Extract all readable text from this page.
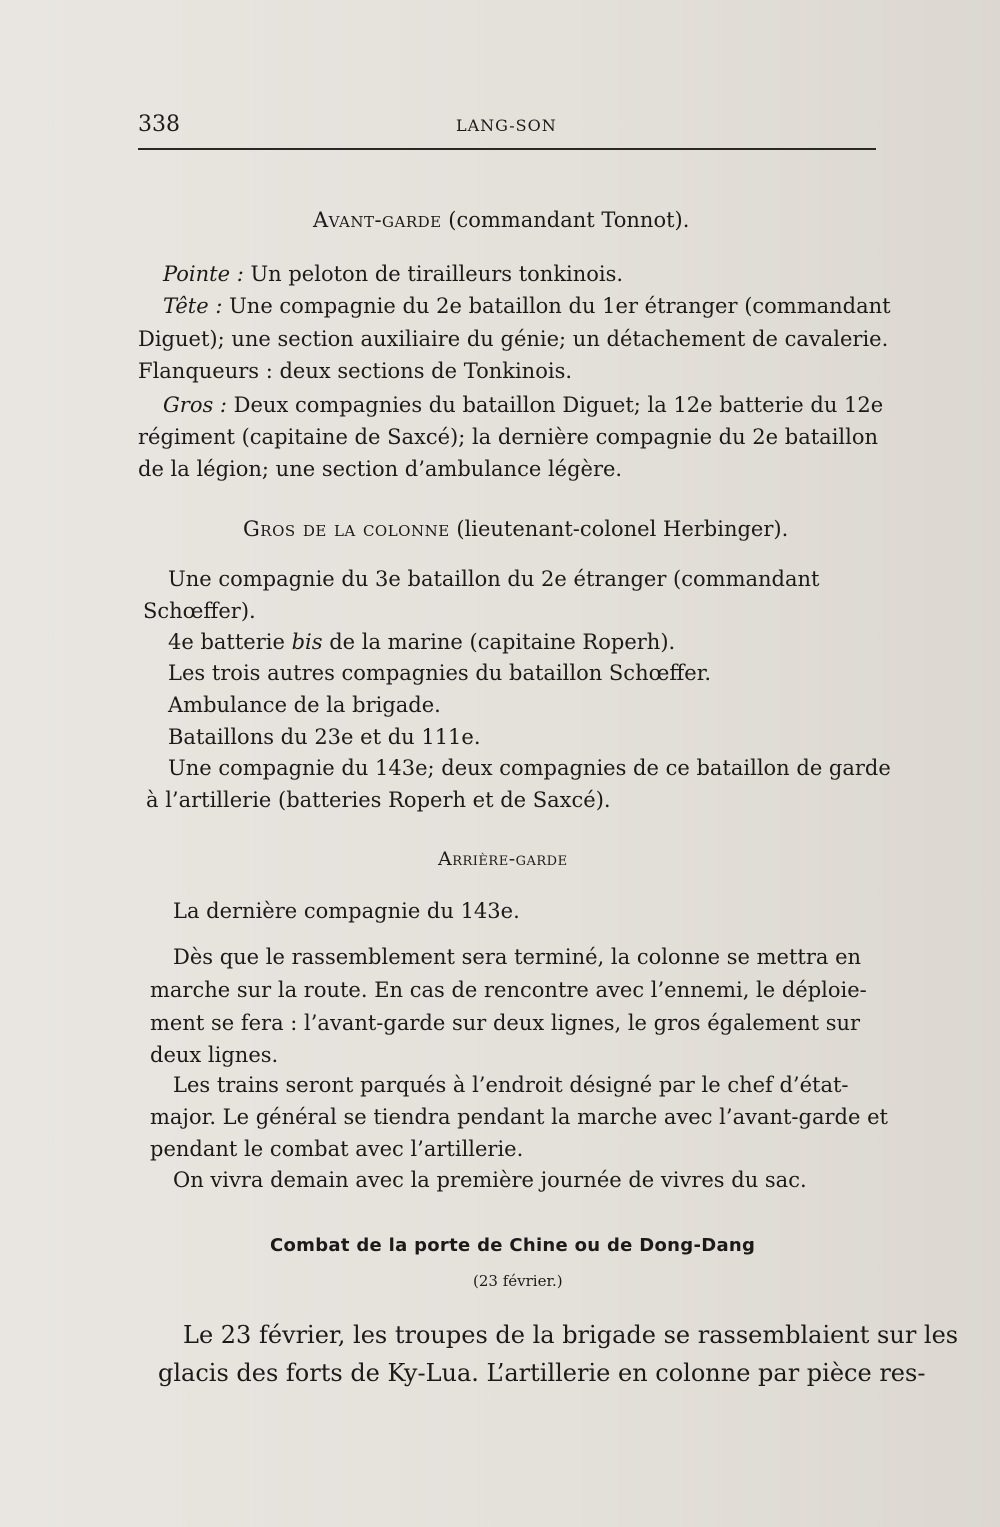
338	LANG-SON
Avant-garde (commandant Tonnot).
Pointe : Un peloton de tirailleurs tonkinois.
Tête : Une compagnie du 2e bataillon du 1er étranger (commandant
Diguet); une section auxiliaire du génie; un détachement de cavalerie.
Flanqueurs : deux sections de Tonkinois.
Gros : Deux compagnies du bataillon Diguet; la 12e batterie du 12e
régiment (capitaine de Saxcé); la dernière compagnie du 2e bataillon
de la légion; une section d’ambulance légère.
Gros de la colonne (lieutenant-colonel Herbinger).
Une compagnie du 3e bataillon du 2e étranger (commandant
Schœffer).
4e batterie bis de la marine (capitaine Roperh).
Les trois autres compagnies du bataillon Schœffer.
Ambulance de la brigade.
Bataillons du 23e et du 111e.
Une compagnie du 143e; deux compagnies de ce bataillon de garde
à l’artillerie (batteries Roperh et de Saxcé).
Arrière-garde
La dernière compagnie du 143e.
Dès que le rassemblement sera terminé, la colonne se mettra en
marche sur la route. En cas de rencontre avec l’ennemi, le déploie-
ment se fera : l’avant-garde sur deux lignes, le gros également sur
deux lignes.
Les trains seront parqués à l’endroit désigné par le chef d’état-
major. Le général se tiendra pendant la marche avec l’avant-garde et
pendant le combat avec l’artillerie.
On vivra demain avec la première journée de vivres du sac.
Combat de la porte de Chine ou de Dong-Dang
(23 février.)
Le 23 février, les troupes de la brigade se rassemblaient sur les
glacis des forts de Ky-Lua. L’artillerie en colonne par pièce res-
